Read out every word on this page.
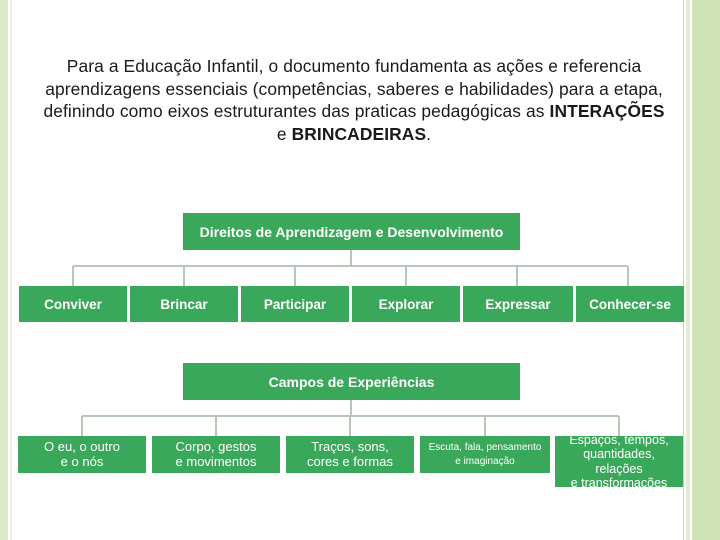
Para a Educação Infantil, o documento fundamenta as ações e referencia aprendizagens essenciais (competências, saberes e habilidades) para a etapa, definindo como eixos estruturantes das praticas pedagógicas as INTERAÇÕES e BRINCADEIRAS.
Direitos de Aprendizagem e Desenvolvimento
Conviver	Brincar	Participar	Explorar	Expressar	Conhecer-se
Campos de Experiências
O eu, o outro
e o nós
Corpo, gestos
e movimentos
Traços, sons,
cores e formas
Escuta, fala, pensamento
e imaginação
Espaços, tempos,
quantidades, relações
e transformações
